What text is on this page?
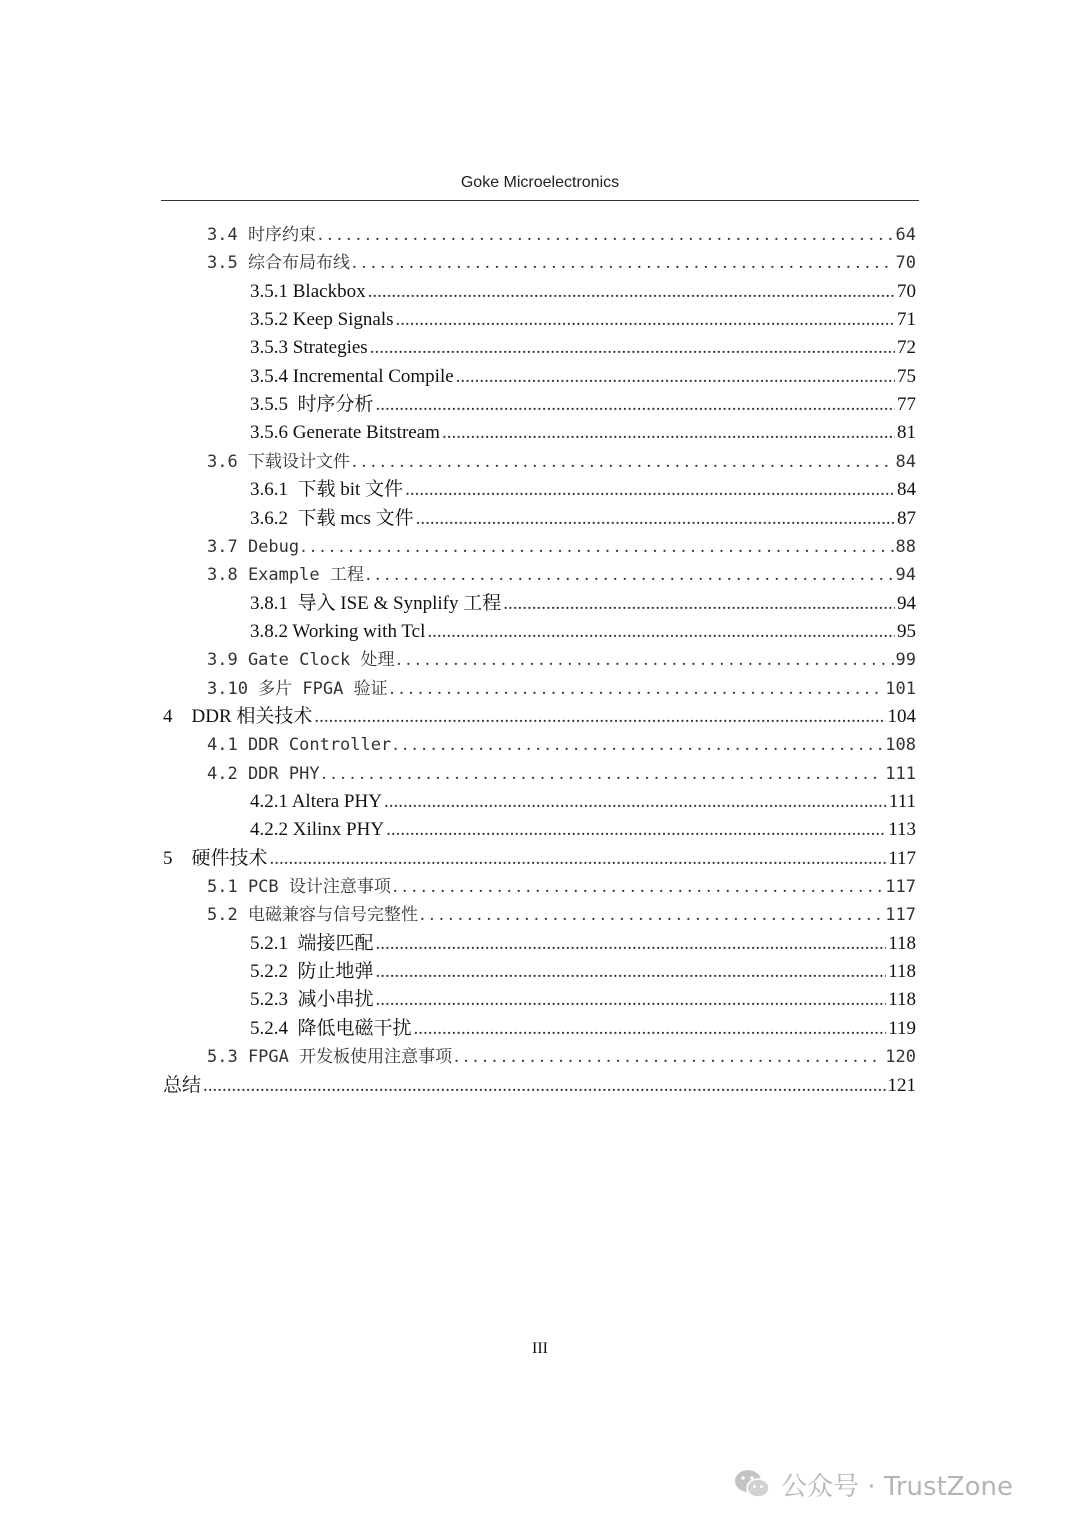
Goke Microelectronics
3.4 时序约束 . . .	64
3.5 综合布局布线 . . .	70
3.5.1 Blackbox .....	70
3.5.2 Keep Signals .....	71
3.5.3 Strategies .....	72
3.5.4 Incremental Compile .....	75
3.5.5  时序分析 .....	77
3.5.6 Generate Bitstream .....	81
3.6 下载设计文件 . . .	84
3.6.1  下载 bit 文件 .....	84
3.6.2  下载 mcs 文件 .....	87
3.7 Debug . . .	88
3.8 Example 工程 . . .	94
3.8.1  导入 ISE & Synplify 工程 .....	94
3.8.2 Working with Tcl .....	95
3.9 Gate Clock 处理 . . .	99
3.10 多片 FPGA 验证 . . .	101
4    DDR 相关技术 .....	104
4.1 DDR Controller . . .	108
4.2 DDR PHY . . .	111
4.2.1 Altera PHY .....	111
4.2.2 Xilinx PHY .....	113
5    硬件技术 .....	117
5.1 PCB 设计注意事项 . . .	117
5.2 电磁兼容与信号完整性 . . .	117
5.2.1  端接匹配 .....	118
5.2.2  防止地弹 .....	118
5.2.3  减小串扰 .....	118
5.2.4  降低电磁干扰 .....	119
5.3 FPGA 开发板使用注意事项 . . .	120
总结 .....	121
III
公众号 · TrustZone
